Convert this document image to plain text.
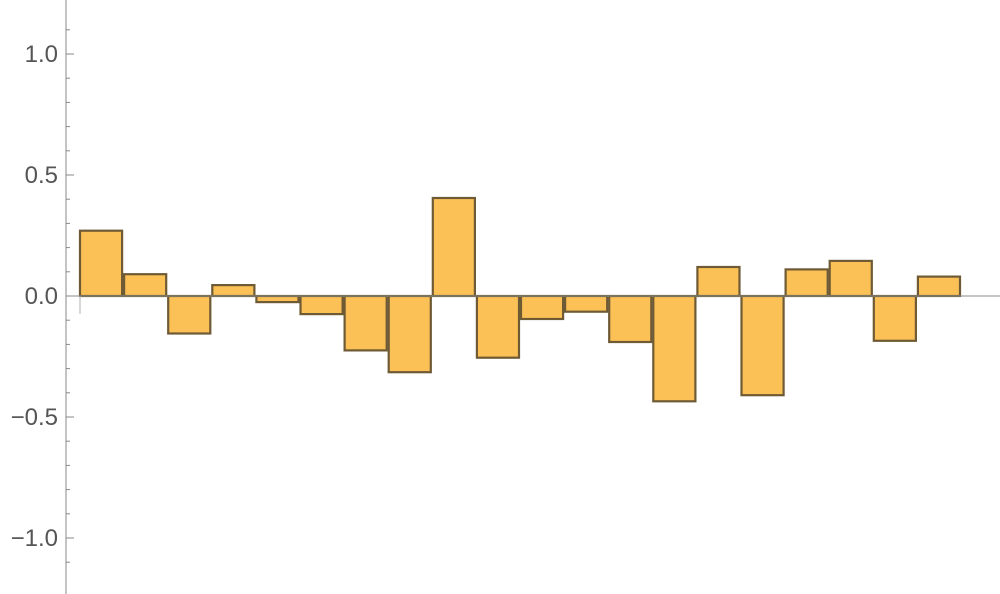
1.0
0.5
0.0
−0.5
−1.0
